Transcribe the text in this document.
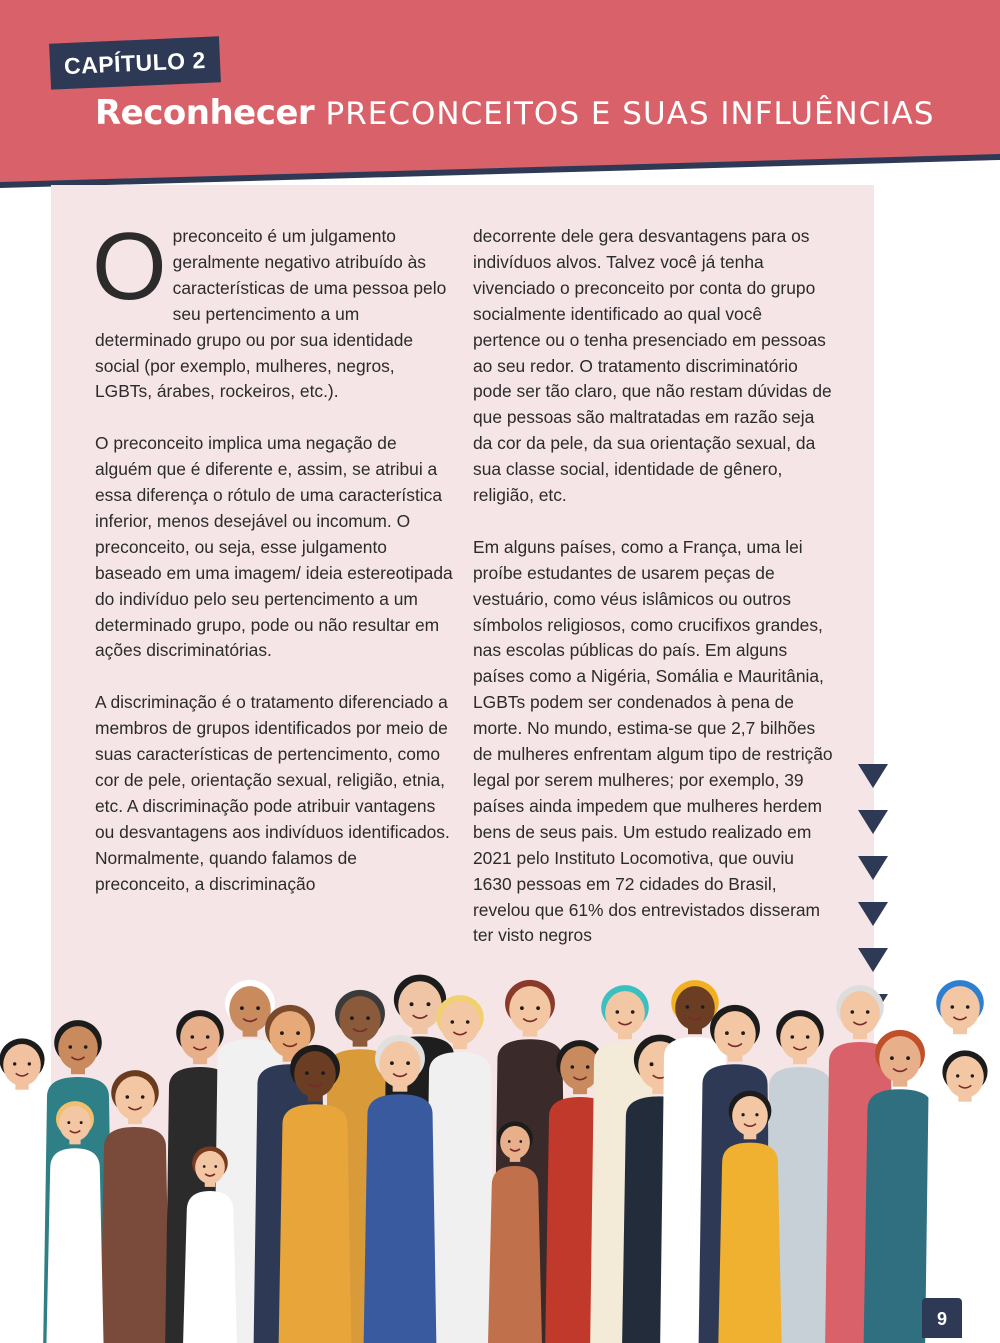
CAPÍTULO 2
Reconhecer PRECONCEITOS E SUAS INFLUÊNCIAS

Opreconceito é um julgamento geralmente negativo atribuído às características de uma pessoa pelo seu pertencimento a um determinado grupo ou por sua identidade social (por exemplo, mulheres, negros, LGBTs, árabes, rockeiros, etc.).

O preconceito implica uma negação de alguém que é diferente e, assim, se atribui a essa diferença o rótulo de uma característica inferior, menos desejável ou incomum. O preconceito, ou seja, esse julgamento baseado em uma imagem/ ideia estereotipada do indivíduo pelo seu pertencimento a um determinado grupo, pode ou não resultar em ações discriminatórias.

A discriminação é o tratamento diferenciado a membros de grupos identificados por meio de suas características de pertencimento, como cor de pele, orientação sexual, religião, etnia, etc. A discriminação pode atribuir vantagens ou desvantagens aos indivíduos identificados. Normalmente, quando falamos de preconceito, a discriminação

decorrente dele gera desvantagens para os indivíduos alvos. Talvez você já tenha vivenciado o preconceito por conta do grupo socialmente identificado ao qual você pertence ou o tenha presenciado em pessoas ao seu redor. O tratamento discriminatório pode ser tão claro, que não restam dúvidas de que pessoas são maltratadas em razão seja da cor da pele, da sua orientação sexual, da sua classe social, identidade de gênero, religião, etc.

Em alguns países, como a França, uma lei proíbe estudantes de usarem peças de vestuário, como véus islâmicos ou outros símbolos religiosos, como crucifixos grandes, nas escolas públicas do país. Em alguns países como a Nigéria, Somália e Mauritânia, LGBTs podem ser condenados à pena de morte. No mundo, estima-se que 2,7 bilhões de mulheres enfrentam algum tipo de restrição legal por serem mulheres; por exemplo, 39 países ainda impedem que mulheres herdem bens de seus pais. Um estudo realizado em 2021 pelo Instituto Locomotiva, que ouviu 1630 pessoas em 72 cidades do Brasil, revelou que 61% dos entrevistados disseram ter visto negros

9
